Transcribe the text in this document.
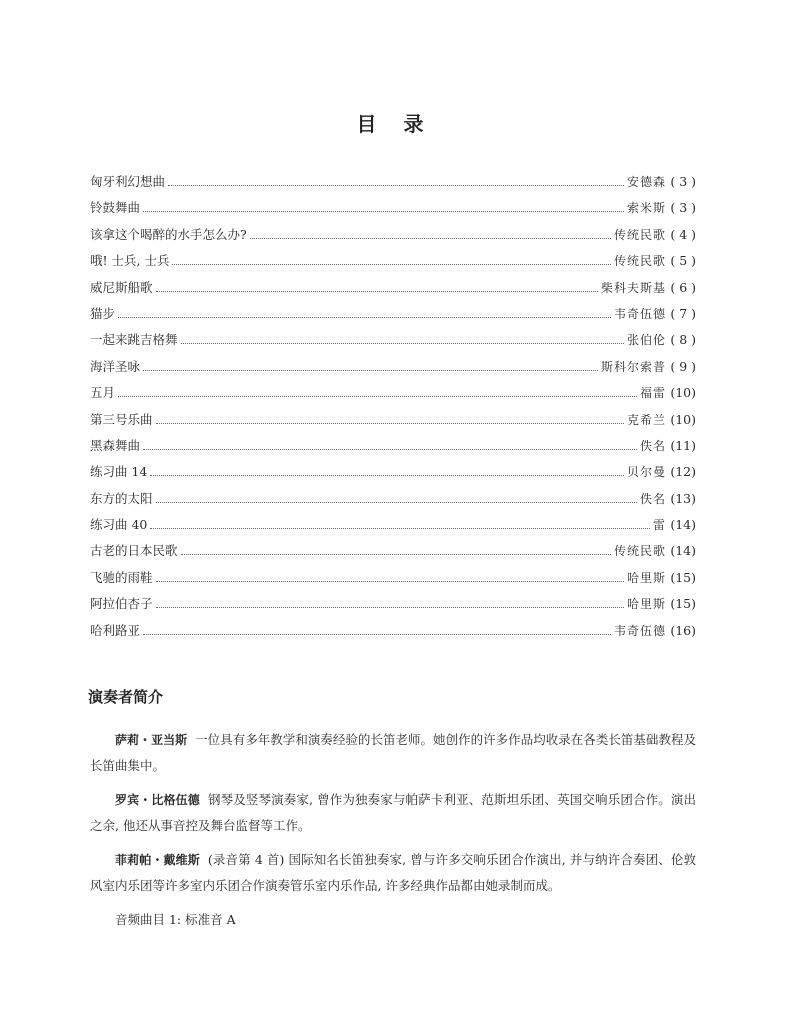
目 录
匈牙利幻想曲	安德森 ( 3 )
铃鼓舞曲	索米斯 ( 3 )
该拿这个喝醉的水手怎么办?	传统民歌 ( 4 )
哦! 士兵, 士兵	传统民歌 ( 5 )
威尼斯船歌	柴科夫斯基 ( 6 )
猫步	韦奇伍德 ( 7 )
一起来跳吉格舞	张伯伦 ( 8 )
海洋圣咏	斯科尔索普 ( 9 )
五月	福雷 (10)
第三号乐曲	克希兰 (10)
黑森舞曲	佚名 (11)
练习曲 14	贝尔曼 (12)
东方的太阳	佚名 (13)
练习曲 40	雷 (14)
古老的日本民歌	传统民歌 (14)
飞驰的雨鞋	哈里斯 (15)
阿拉伯杏子	哈里斯 (15)
哈利路亚	韦奇伍德 (16)
演奏者简介

萨莉・亚当斯 一位具有多年教学和演奏经验的长笛老师。她创作的许多作品均收录在各类长笛基础教程及长笛曲集中。

罗宾・比格伍德 钢琴及竖琴演奏家, 曾作为独奏家与帕萨卡利亚、范斯坦乐团、英国交响乐团合作。演出之余, 他还从事音控及舞台监督等工作。

菲莉帕・戴维斯 (录音第 4 首) 国际知名长笛独奏家, 曾与许多交响乐团合作演出, 并与纳许合奏团、伦敦风室内乐团等许多室内乐团合作演奏管乐室内乐作品, 许多经典作品都由她录制而成。

音频曲目 1: 标准音 A
